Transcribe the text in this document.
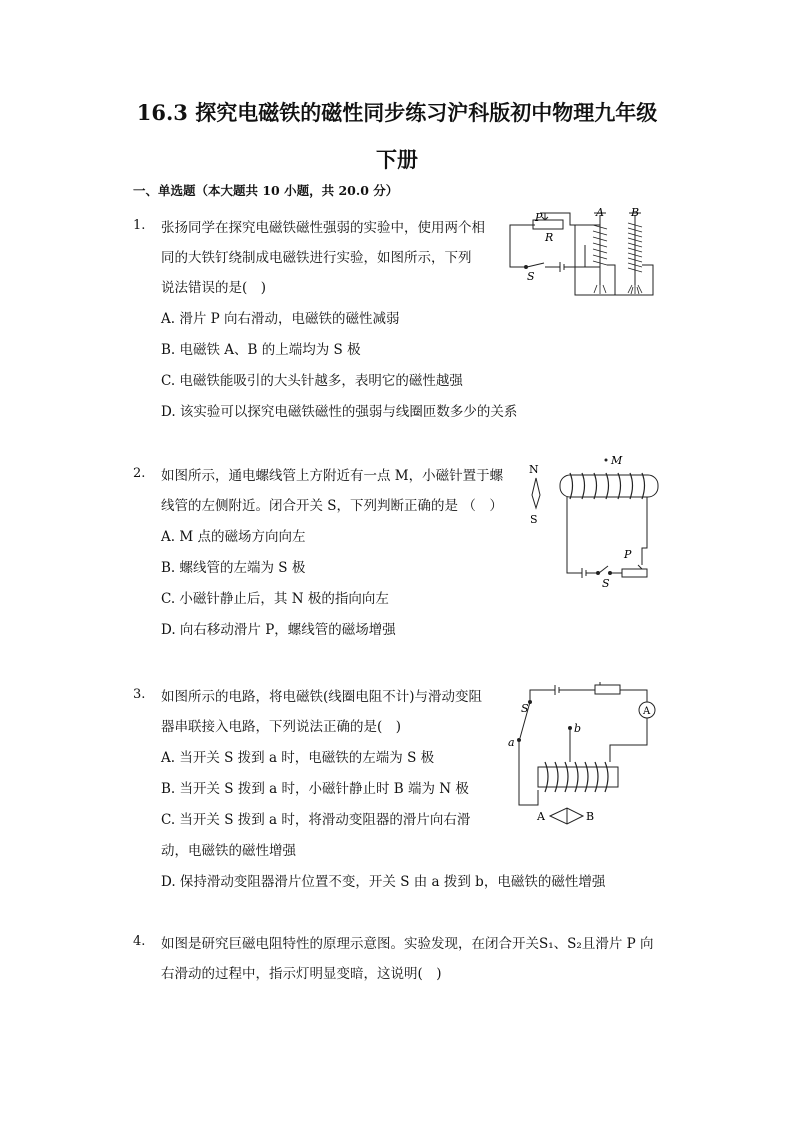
16.3 探究电磁铁的磁性同步练习沪科版初中物理九年级
下册
一、单选题（本大题共 10 小题，共 20.0 分）
1. 张扬同学在探究电磁铁磁性强弱的实验中，使用两个相
同的大铁钉绕制成电磁铁进行实验，如图所示，下列
说法错误的是(　)
A. 滑片 P 向右滑动，电磁铁的磁性减弱
B. 电磁铁 A、B 的上端均为 S 极
C. 电磁铁能吸引的大头针越多，表明它的磁性越强
D. 该实验可以探究电磁铁磁性的强弱与线圈匝数多少的关系
P
R
A B
S
2. 如图所示，通电螺线管上方附近有一点 M，小磁针置于螺
线管的左侧附近。闭合开关 S，下列判断正确的是 （　）
A. M 点的磁场方向向左
B. 螺线管的左端为 S 极
C. 小磁针静止后，其 N 极的指向向左
D. 向右移动滑片 P，螺线管的磁场增强
M
N
S
P
S
3. 如图所示的电路，将电磁铁(线圈电阻不计)与滑动变阻
器串联接入电路，下列说法正确的是(　)
A. 当开关 S 拨到 a 时，电磁铁的左端为 S 极
B. 当开关 S 拨到 a 时，小磁针静止时 B 端为 N 极
C. 当开关 S 拨到 a 时，将滑动变阻器的滑片向右滑
动，电磁铁的磁性增强
D. 保持滑动变阻器滑片位置不变，开关 S 由 a 拨到 b，电磁铁的磁性增强
S
a
b
A
A	B
4. 如图是研究巨磁电阻特性的原理示意图。实验发现，在闭合开关S₁、S₂且滑片 P 向
右滑动的过程中，指示灯明显变暗，这说明(　)
